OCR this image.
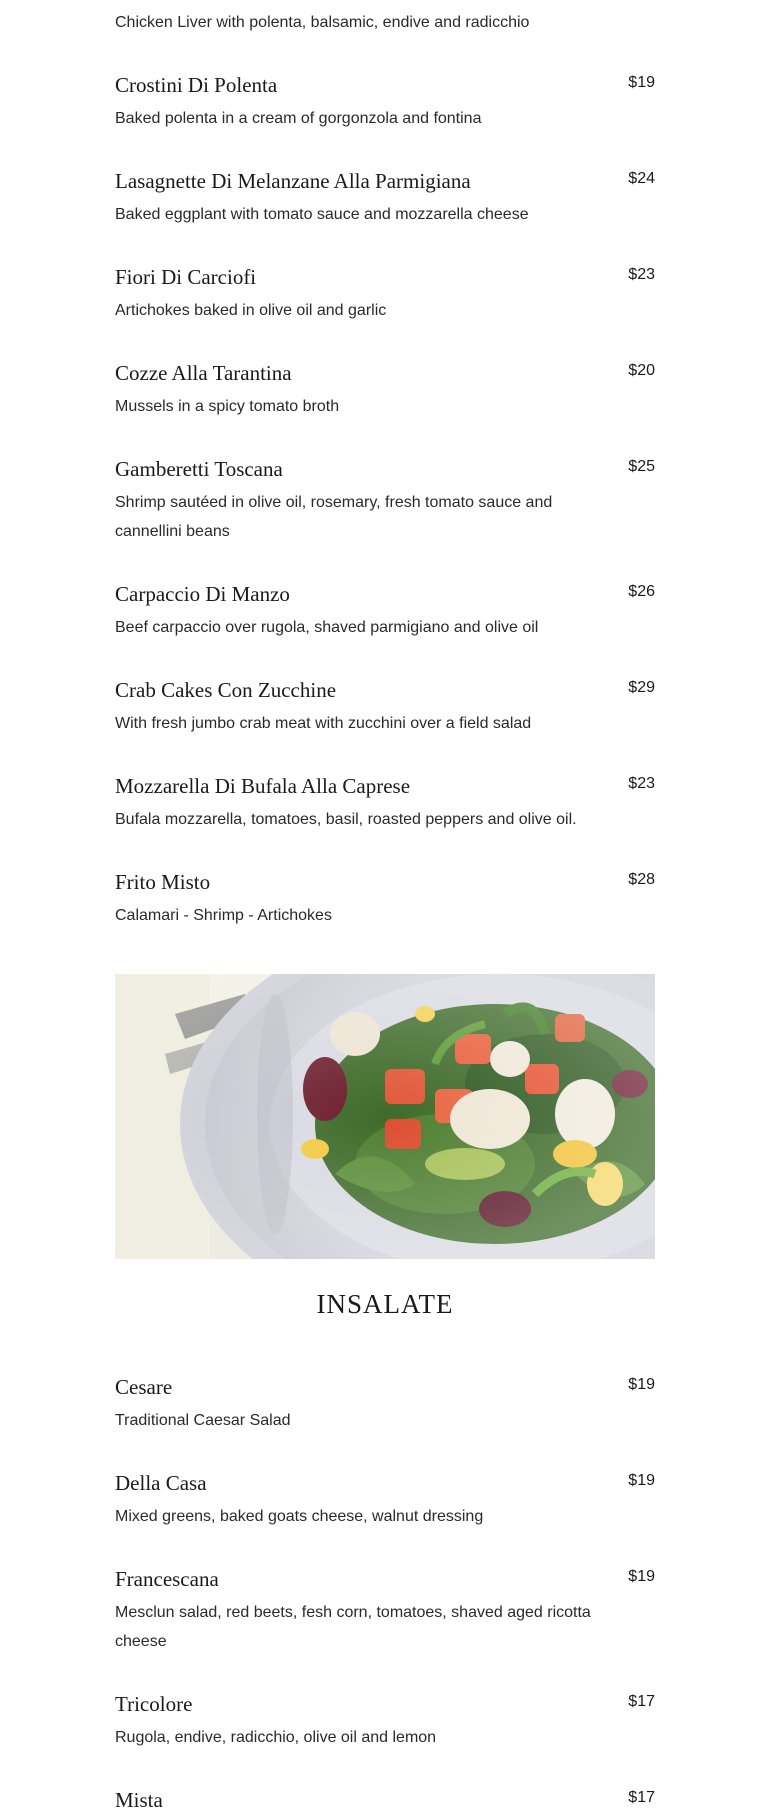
Chicken Liver with polenta, balsamic, endive and radicchio
Crostini Di Polenta	$19
Baked polenta in a cream of gorgonzola and fontina
Lasagnette Di Melanzane Alla Parmigiana	$24
Baked eggplant with tomato sauce and mozzarella cheese
Fiori Di Carciofi	$23
Artichokes baked in olive oil and garlic
Cozze Alla Tarantina	$20
Mussels in a spicy tomato broth
Gamberetti Toscana	$25
Shrimp sautéed in olive oil, rosemary, fresh tomato sauce and cannellini beans
Carpaccio Di Manzo	$26
Beef carpaccio over rugola, shaved parmigiano and olive oil
Crab Cakes Con Zucchine	$29
With fresh jumbo crab meat with zucchini over a field salad
Mozzarella Di Bufala Alla Caprese	$23
Bufala mozzarella, tomatoes, basil, roasted peppers and olive oil.
Frito Misto	$28
Calamari - Shrimp - Artichokes
INSALATE
Cesare	$19
Traditional Caesar Salad
Della Casa	$19
Mixed greens, baked goats cheese, walnut dressing
Francescana	$19
Mesclun salad, red beets, fesh corn, tomatoes, shaved aged ricotta cheese
Tricolore	$17
Rugola, endive, radicchio, olive oil and lemon
Mista	$17
